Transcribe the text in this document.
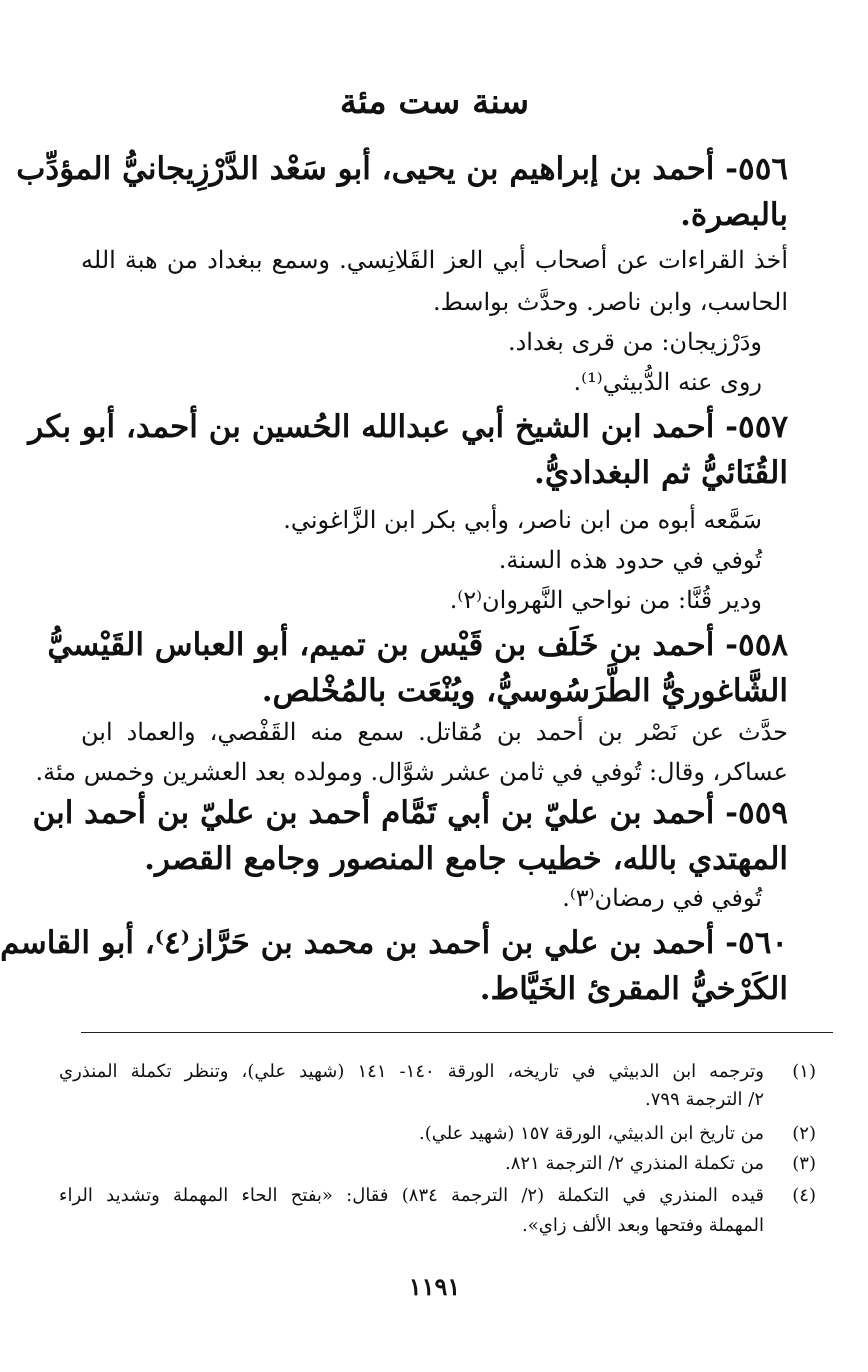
سنة ست مئة
٥٥٦- أحمد بن إبراهيم بن يحيى، أبو سَعْد الدَّرْزِيجانيُّ المؤدِّب
بالبصرة.
أخذ القراءات عن أصحاب أبي العز القَلانِسي. وسمع ببغداد من هبة الله
الحاسب، وابن ناصر. وحدَّث بواسط.
ودَرْزيجان: من قرى بغداد.
روى عنه الدُّبيثي⁽¹⁾.
٥٥٧- أحمد ابن الشيخ أبي عبدالله الحُسين بن أحمد، أبو بكر
القُنَائيُّ ثم البغداديُّ.
سَمَّعه أبوه من ابن ناصر، وأبي بكر ابن الزَّاغوني.
تُوفي في حدود هذه السنة.
ودير قُنَّا: من نواحي النَّهروان⁽٢⁾.
٥٥٨- أحمد بن خَلَف بن قَيْس بن تميم، أبو العباس القَيْسيُّ
الشَّاغوريُّ الطَّرَسُوسيُّ، ويُنْعَت بالمُخْلص.
حدَّث عن نَصْر بن أحمد بن مُقاتل. سمع منه القَفْصي، والعماد ابن
عساكر، وقال: تُوفي في ثامن عشر شوَّال. ومولده بعد العشرين وخمس مئة.
٥٥٩- أحمد بن عليّ بن أبي تَمَّام أحمد بن عليّ بن أحمد ابن
المهتدي بالله، خطيب جامع المنصور وجامع القصر.
تُوفي في رمضان⁽٣⁾.
٥٦٠- أحمد بن علي بن أحمد بن محمد بن حَرَّاز⁽٤⁾، أبو القاسم
الكَرْخيُّ المقرئ الخَيَّاط.
(١)
وترجمه ابن الدبيثي في تاريخه، الورقة ١٤٠- ١٤١ (شهيد علي)، وتنظر تكملة المنذري
٢/ الترجمة ٧٩٩.
(٢)
من تاريخ ابن الدبيثي، الورقة ١٥٧ (شهيد علي).
(٣)
من تكملة المنذري ٢/ الترجمة ٨٢١.
(٤)
قيده المنذري في التكملة (٢/ الترجمة ٨٣٤) فقال: «بفتح الحاء المهملة وتشديد الراء
المهملة وفتحها وبعد الألف زاي».
١١٩١
